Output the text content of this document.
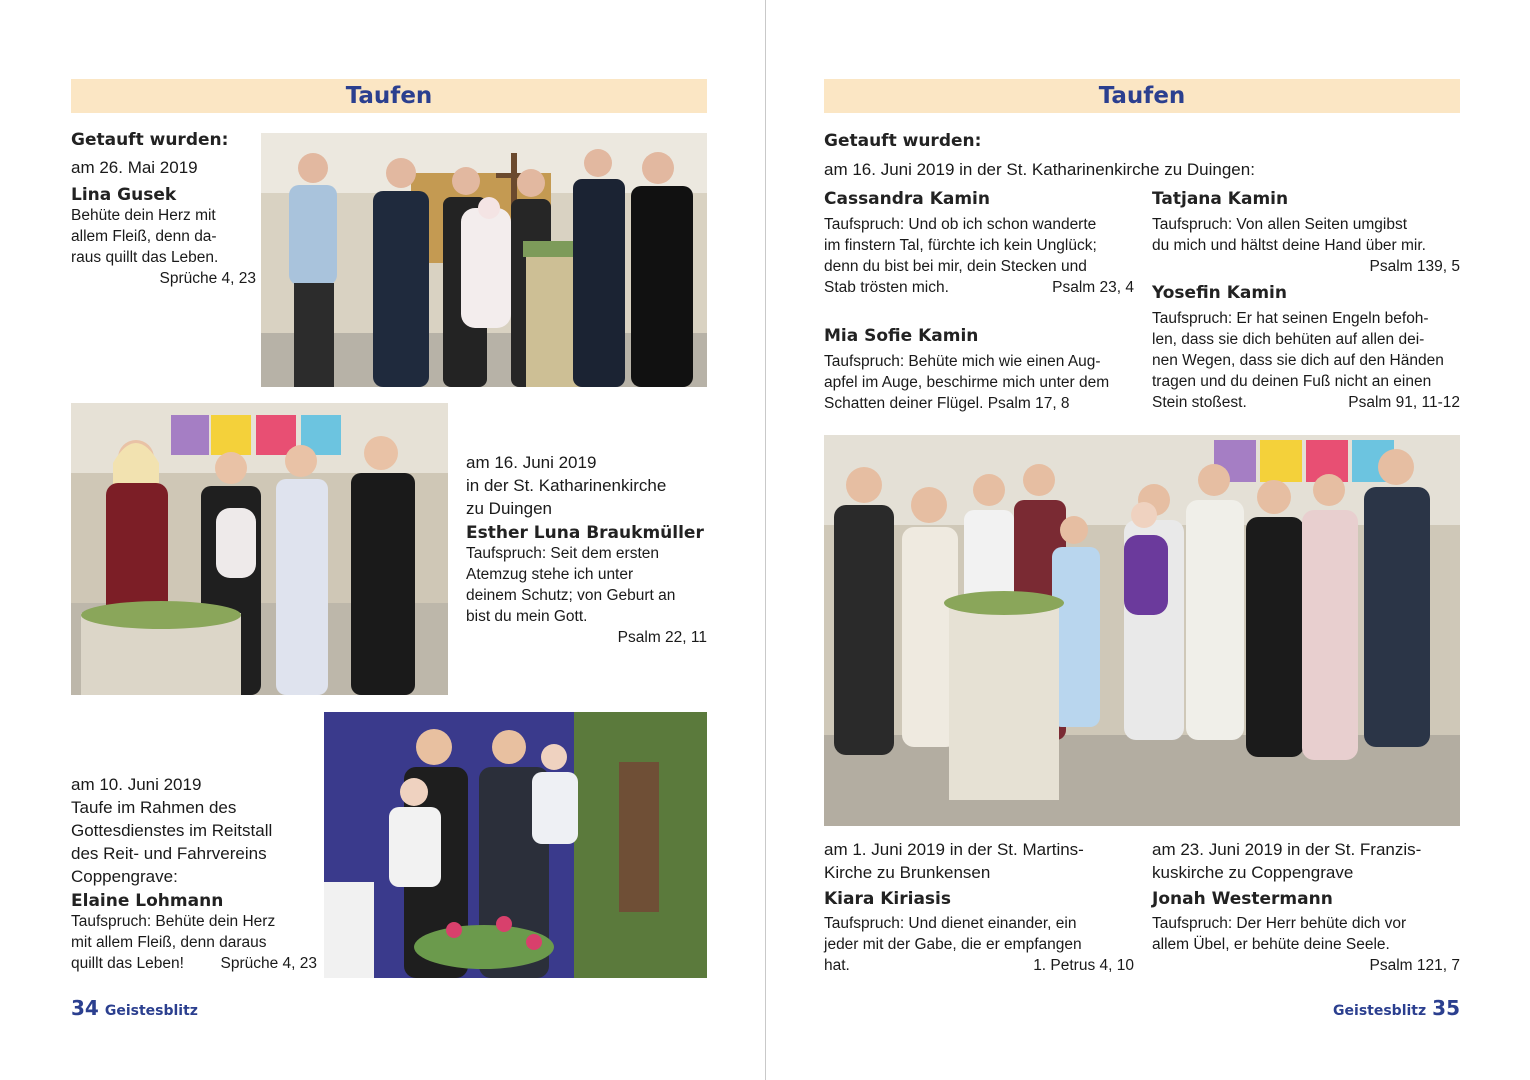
Taufen
Getauft wurden:
am 26. Mai 2019
Lina Gusek
Behüte dein Herz mit
allem Fleiß, denn da-
raus quillt das Leben.
Sprüche 4, 23
am 16. Juni 2019
in der St. Katharinenkirche
zu Duingen
Esther Luna Braukmüller
Taufspruch: Seit dem ersten
Atemzug stehe ich unter
deinem Schutz; von Geburt an
bist du mein Gott.
Psalm 22, 11
am 10. Juni 2019
Taufe im Rahmen des
Gottesdienstes im Reitstall
des Reit- und Fahrvereins
Coppengrave:
Elaine Lohmann
Taufspruch: Behüte dein Herz
mit allem Fleiß, denn daraus
quillt das Leben! Sprüche 4, 23
34 Geistesblitz
Taufen
Getauft wurden:
am 16. Juni 2019 in der St. Katharinenkirche zu Duingen:
Cassandra Kamin
Taufspruch: Und ob ich schon wanderte
im finstern Tal, fürchte ich kein Unglück;
denn du bist bei mir, dein Stecken und
Stab trösten mich.	Psalm 23, 4
Tatjana Kamin
Taufspruch: Von allen Seiten umgibst
du mich und hältst deine Hand über mir.
Psalm 139, 5
Mia Sofie Kamin
Taufspruch: Behüte mich wie einen Aug-
apfel im Auge, beschirme mich unter dem
Schatten deiner Flügel. Psalm 17, 8
Yosefin Kamin
Taufspruch: Er hat seinen Engeln befoh-
len, dass sie dich behüten auf allen dei-
nen Wegen, dass sie dich auf den Händen
tragen und du deinen Fuß nicht an einen
Stein stoßest.	Psalm 91, 11-12
am 1. Juni 2019 in der St. Martins-
Kirche zu Brunkensen
Kiara Kiriasis
Taufspruch: Und dienet einander, ein
jeder mit der Gabe, die er empfangen
hat.	1. Petrus 4, 10
am 23. Juni 2019 in der St. Franzis-
kuskirche zu Coppengrave
Jonah Westermann
Taufspruch: Der Herr behüte dich vor
allem Übel, er behüte deine Seele.
Psalm 121, 7
Geistesblitz 35
